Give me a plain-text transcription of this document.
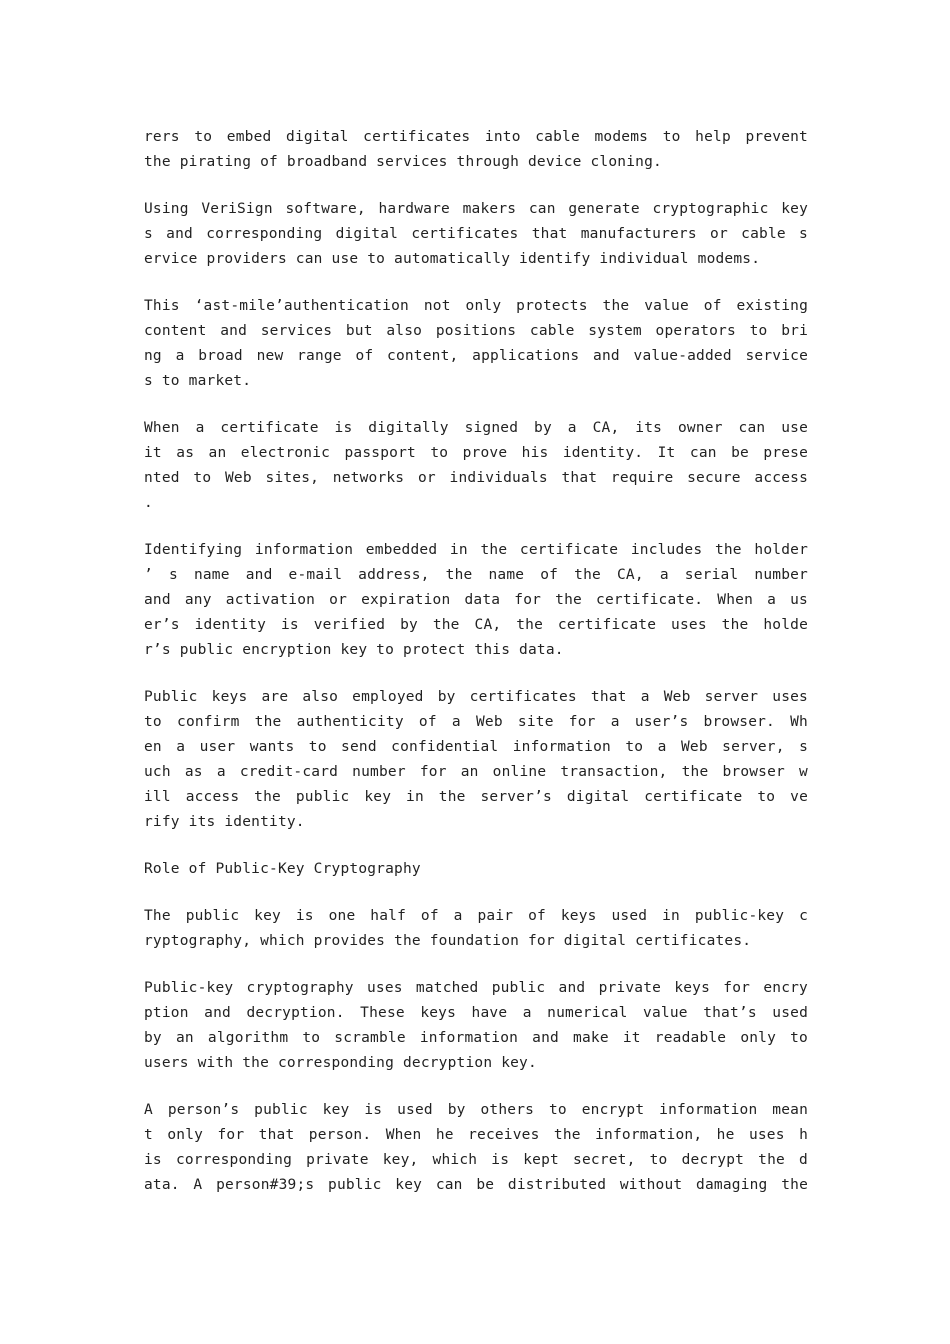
rers to embed digital certificates into cable modems to help prevent
the pirating of broadband services through device cloning.
Using VeriSign software, hardware makers can generate cryptographic key
s and corresponding digital certificates that manufacturers or cable s
ervice providers can use to automatically identify individual modems.
This ‘ast-mile’authentication not only protects the value of existing
content and services but also positions cable system operators to bri
ng a broad new range of content, applications and value-added service
s to market.
When a certificate is digitally signed by a CA, its owner can use
it as an electronic passport to prove his identity. It can be prese
nted to Web sites, networks or individuals that require secure access
.
Identifying information embedded in the certificate includes the holder
’ s name and e-mail address, the name of the CA, a serial number
and any activation or expiration data for the certificate. When a us
er’s identity is verified by the CA, the certificate uses the holde
r’s public encryption key to protect this data.
Public keys are also employed by certificates that a Web server uses
to confirm the authenticity of a Web site for a user’s browser. Wh
en a user wants to send confidential information to a Web server, s
uch as a credit-card number for an online transaction, the browser w
ill access the public key in the server’s digital certificate to ve
rify its identity.
Role of Public-Key Cryptography
The public key is one half of a pair of keys used in public-key c
ryptography, which provides the foundation for digital certificates.
Public-key cryptography uses matched public and private keys for encry
ption and decryption. These keys have a numerical value that’s used
by an algorithm to scramble information and make it readable only to
users with the corresponding decryption key.
A person’s public key is used by others to encrypt information mean
t only for that person. When he receives the information, he uses h
is corresponding private key, which is kept secret, to decrypt the d
ata. A person#39;s public key can be distributed without damaging the
